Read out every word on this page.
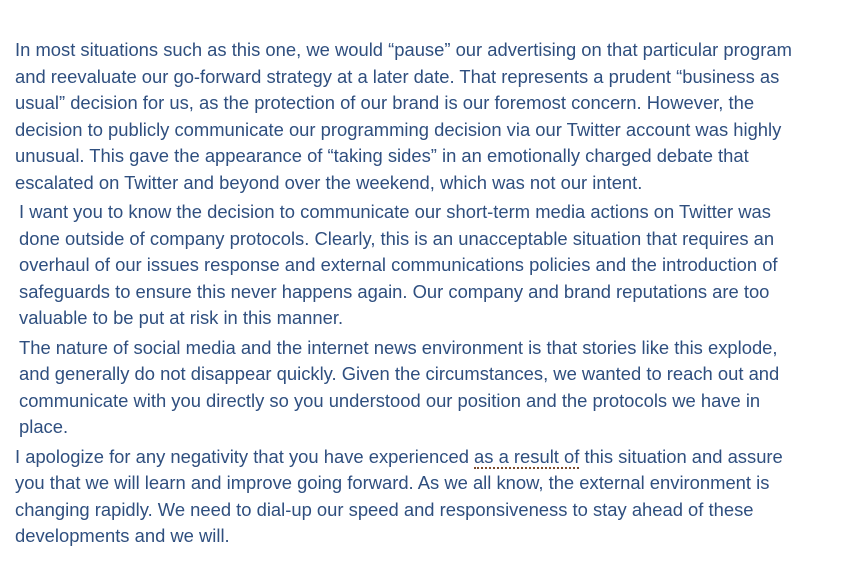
In most situations such as this one, we would “pause” our advertising on that particular program and reevaluate our go-forward strategy at a later date. That represents a prudent “business as usual” decision for us, as the protection of our brand is our foremost concern. However, the decision to publicly communicate our programming decision via our Twitter account was highly unusual. This gave the appearance of “taking sides” in an emotionally charged debate that escalated on Twitter and beyond over the weekend, which was not our intent.

I want you to know the decision to communicate our short-term media actions on Twitter was done outside of company protocols. Clearly, this is an unacceptable situation that requires an overhaul of our issues response and external communications policies and the introduction of safeguards to ensure this never happens again. Our company and brand reputations are too valuable to be put at risk in this manner.

The nature of social media and the internet news environment is that stories like this explode, and generally do not disappear quickly. Given the circumstances, we wanted to reach out and communicate with you directly so you understood our position and the protocols we have in place.

I apologize for any negativity that you have experienced as a result of this situation and assure you that we will learn and improve going forward. As we all know, the external environment is changing rapidly. We need to dial-up our speed and responsiveness to stay ahead of these developments and we will.
